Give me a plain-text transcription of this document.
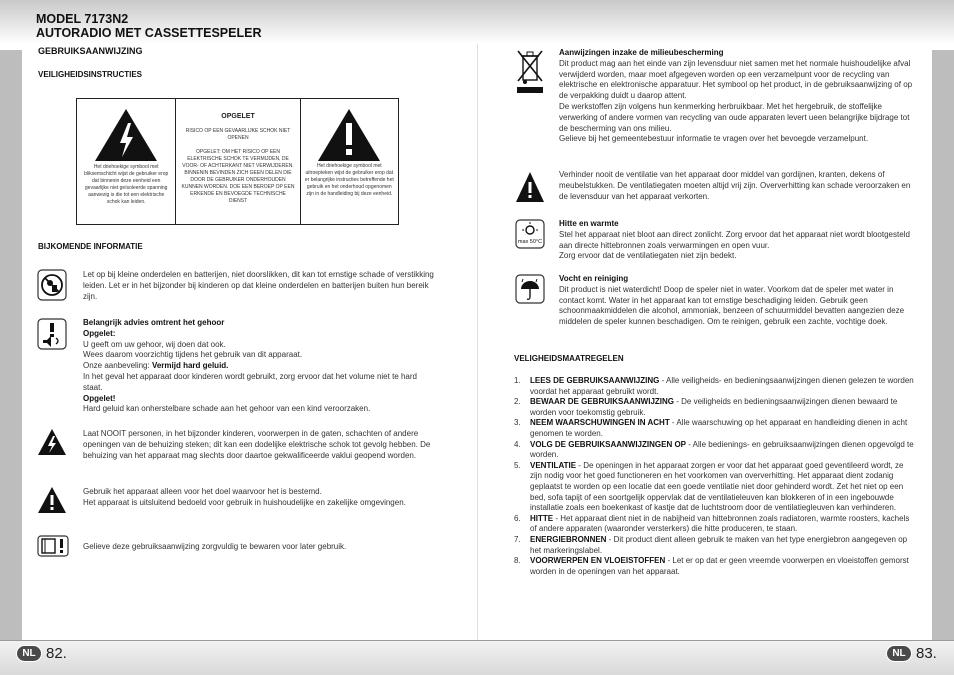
MODEL 7173N2
AUTORADIO MET CASSETTESPELER
GEBRUIKSAANWIJZING
VEILIGHEIDSINSTRUCTIES
Het driehoekige symbool met bliksemschicht wijst de gebruiker erop dat binnenin deze eenheid een gevaarlijke niet geïsoleerde spanning aanwezig is die tot een elektrische schok kan leiden.
OPGELET
RISICO OP EEN GEVAARLIJKE SCHOK NIET OPENEN
OPGELET: OM HET RISICO OP EEN ELEKTRISCHE SCHOK TE VERMIJDEN, DE VOOR- OF ACHTERKANT NIET VERWIJDEREN. BINNENIN BEVINDEN ZICH GEEN DELEN DIE DOOR DE GEBRUIKER ONDERHOUDEN KUNNEN WORDEN. DOE EEN BEROEP OP EEN ERKENDE EN BEVOEGDE TECHNISCHE DIENST
Het driehoekige symbool met uitroepteken wijst de gebruiker erop dat er belangrijke instructies betreffende het gebruik en het onderhoud opgenomen zijn in de handleiding bij deze eenheid.
BIJKOMENDE INFORMATIE
Let op bij kleine onderdelen en batterijen, niet doorslikken, dit kan tot ernstige schade of verstikking leiden. Let er in het bijzonder bij kinderen op dat kleine onderdelen en batterijen buiten hun bereik zijn.
Belangrijk advies omtrent het gehoor
Opgelet:
U geeft om uw gehoor, wij doen dat ook.
Wees daarom voorzichtig tijdens het gebruik van dit apparaat.
Onze aanbeveling: Vermijd hard geluid.
In het geval het apparaat door kinderen wordt gebruikt, zorg ervoor dat het volume niet te hard staat.
Opgelet!
Hard geluid kan onherstelbare schade aan het gehoor van een kind veroorzaken.
Laat NOOIT personen, in het bijzonder kinderen, voorwerpen in de gaten, schachten of andere openingen van de behuizing steken; dit kan een dodelijke elektrische schok tot gevolg hebben. De behuizing van het apparaat mag slechts door daartoe gekwalificeerde vaklui geopend worden.
Gebruik het apparaat alleen voor het doel waarvoor het is bestemd.
Het apparaat is uitsluitend bedoeld voor gebruik in huishoudelijke en zakelijke omgevingen.
Gelieve deze gebruiksaanwijzing zorgvuldig te bewaren voor later gebruik.
Aanwijzingen inzake de milieubescherming
Dit product mag aan het einde van zijn levensduur niet samen met het normale huishoudelijke afval verwijderd worden, maar moet afgegeven worden op een verzamelpunt voor de recycling van elektrische en elektronische apparatuur. Het symbool op het product, in de gebruiksaanwijzing of op de verpakking duidt u daarop attent.
De werkstoffen zijn volgens hun kenmerking herbruikbaar. Met het hergebruik, de stoffelijke verwerking of andere vormen van recycling van oude apparaten levert ueen belangrijke bijdrage tot de bescherming van ons milieu.
Gelieve bij het gemeentebestuur informatie te vragen over het bevoegde verzamelpunt.
Verhinder nooit de ventilatie van het apparaat door middel van gordijnen, kranten, dekens of meubelstukken. De ventilatiegaten moeten altijd vrij zijn. Oververhitting kan schade veroorzaken en de levensduur van het apparaat verkorten.
max 50°C
Hitte en warmte
Stel het apparaat niet bloot aan direct zonlicht. Zorg ervoor dat het apparaat niet wordt blootgesteld aan directe hittebronnen zoals verwarmingen en open vuur.
Zorg ervoor dat de ventilatiegaten niet zijn bedekt.
Vocht en reiniging
Dit product is niet waterdicht! Doop de speler niet in water. Voorkom dat de speler met water in contact komt. Water in het apparaat kan tot ernstige beschadiging leiden. Gebruik geen schoonmaakmiddelen die alcohol, ammoniak, benzeen of schuurmiddel bevatten aangezien deze middelen de speler kunnen beschadigen. Om te reinigen, gebruik een zachte, vochtige doek.
VELIGHEIDSMAATREGELEN
1. LEES DE GEBRUIKSAANWIJZING - Alle veiligheids- en bedieningsaanwijzingen dienen gelezen te worden voordat het apparaat gebruikt wordt.
2. BEWAAR DE GEBRUIKSAANWIJZING - De veiligheids en bedieningsaanwijzingen dienen bewaard te worden voor toekomstig gebruik.
3. NEEM WAARSCHUWINGEN IN ACHT - Alle waarschuwing op het apparaat en handleiding dienen in acht genomen te worden.
4. VOLG DE GEBRUIKSAANWIJZINGEN OP - Alle bedienings- en gebruiksaanwijzingen dienen opgevolgd te worden.
5. VENTILATIE - De openingen in het apparaat zorgen er voor dat het apparaat goed geventileerd wordt, ze zijn nodig voor het goed functioneren en het voorkomen van oververhitting. Het apparaat dient zodanig geplaatst te worden op een locatie dat een goede ventilatie niet door gehinderd wordt. Zet het niet op een bed, sofa tapijt of een soortgelijk oppervlak dat de ventilatieleuven kan blokkeren of in een ingebouwde installatie zoals een boekenkast of kastje dat de luchtstroom door de ventilatiegleuven kan verhinderen.
6. HITTE - Het apparaat dient niet in de nabijheid van hittebronnen zoals radiatoren, warmte roosters, kachels of andere apparaten (waaronder versterkers) die hitte produceren, te staan.
7. ENERGIEBRONNEN - Dit product dient alleen gebruik te maken van het type energiebron aangegeven op het markeringslabel.
8. VOORWERPEN EN VLOEISTOFFEN - Let er op dat er geen vreemde voorwerpen en vloeistoffen gemorst worden in de openingen van het apparaat.
NL 82.	NL 83.
